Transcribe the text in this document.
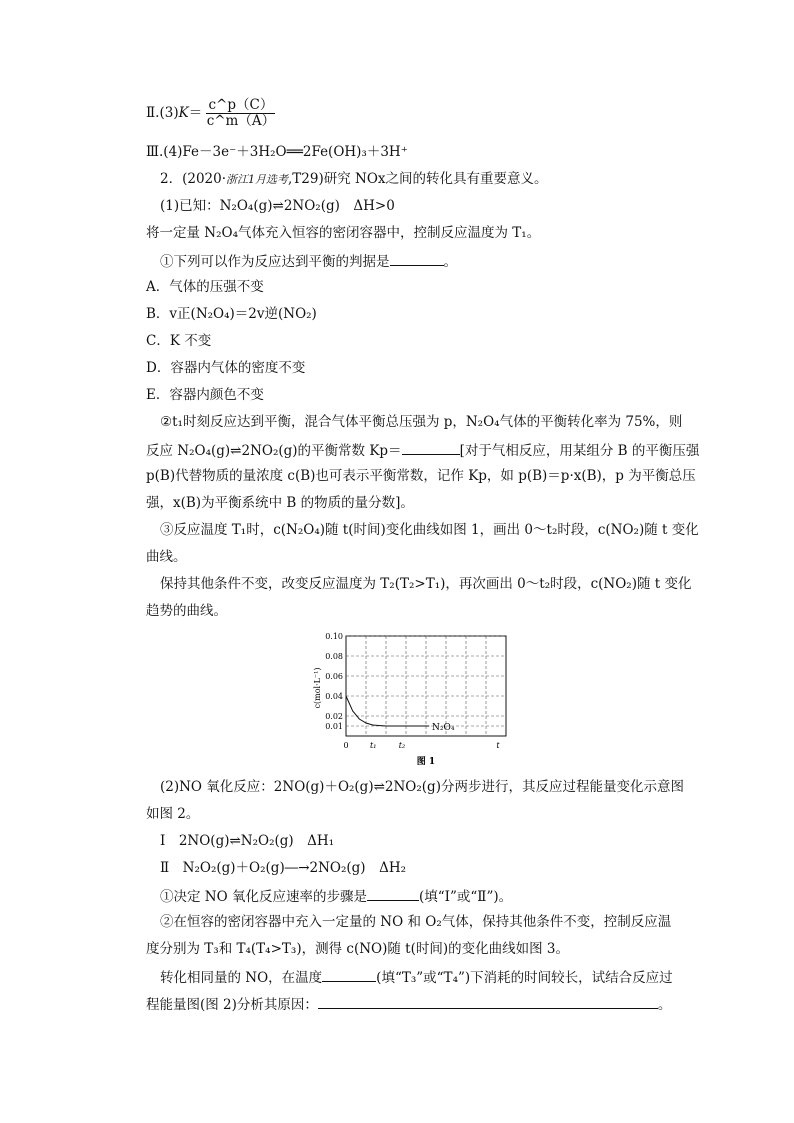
Ⅱ.(3)K＝ $\frac{c\^{}p(C)}{c\^{}m(A)}$
Ⅲ.(4)Fe－3e⁻＋3H₂O══2Fe(OH)₃＋3H⁺
2．(2020·浙江1月选考,T29)研究 NOx之间的转化具有重要意义。
(1)已知：N₂O₄(g)⇌2NO₂(g)　ΔH>0
将一定量 N₂O₄气体充入恒容的密闭容器中，控制反应温度为 T₁。
①下列可以作为反应达到平衡的判据是	。
A．气体的压强不变
B．v正(N₂O₄)＝2v逆(NO₂)
C．K 不变
D．容器内气体的密度不变
E．容器内颜色不变
②t₁时刻反应达到平衡，混合气体平衡总压强为 p，N₂O₄气体的平衡转化率为 75%，则
反应 N₂O₄(g)⇌2NO₂(g)的平衡常数 Kp＝	[对于气相反应，用某组分 B 的平衡压强
p(B)代替物质的量浓度 c(B)也可表示平衡常数，记作 Kp，如 p(B)＝p·x(B)，p 为平衡总压
强，x(B)为平衡系统中 B 的物质的量分数]。
③反应温度 T₁时，c(N₂O₄)随 t(时间)变化曲线如图 1，画出 0～t₂时段，c(NO₂)随 t 变化
曲线。
保持其他条件不变，改变反应温度为 T₂(T₂>T₁)，再次画出 0～t₂时段，c(NO₂)随 t 变化
趋势的曲线。
0.10
0.08
0.06
0.04
0.02
0.01
0	t₁	t₂	t
c(mol·L⁻¹)
N₂O₄
图 1
(2)NO 氧化反应：2NO(g)＋O₂(g)⇌2NO₂(g)分两步进行，其反应过程能量变化示意图
如图 2。
Ⅰ　2NO(g)⇌N₂O₂(g)　ΔH₁
Ⅱ　N₂O₂(g)＋O₂(g)―→2NO₂(g)　ΔH₂
①决定 NO 氧化反应速率的步骤是	(填“Ⅰ”或“Ⅱ”)。
②在恒容的密闭容器中充入一定量的 NO 和 O₂气体，保持其他条件不变，控制反应温
度分别为 T₃和 T₄(T₄>T₃)，测得 c(NO)随 t(时间)的变化曲线如图 3。
转化相同量的 NO，在温度	(填“T₃”或“T₄”)下消耗的时间较长，试结合反应过
程能量图(图 2)分析其原因：	。
